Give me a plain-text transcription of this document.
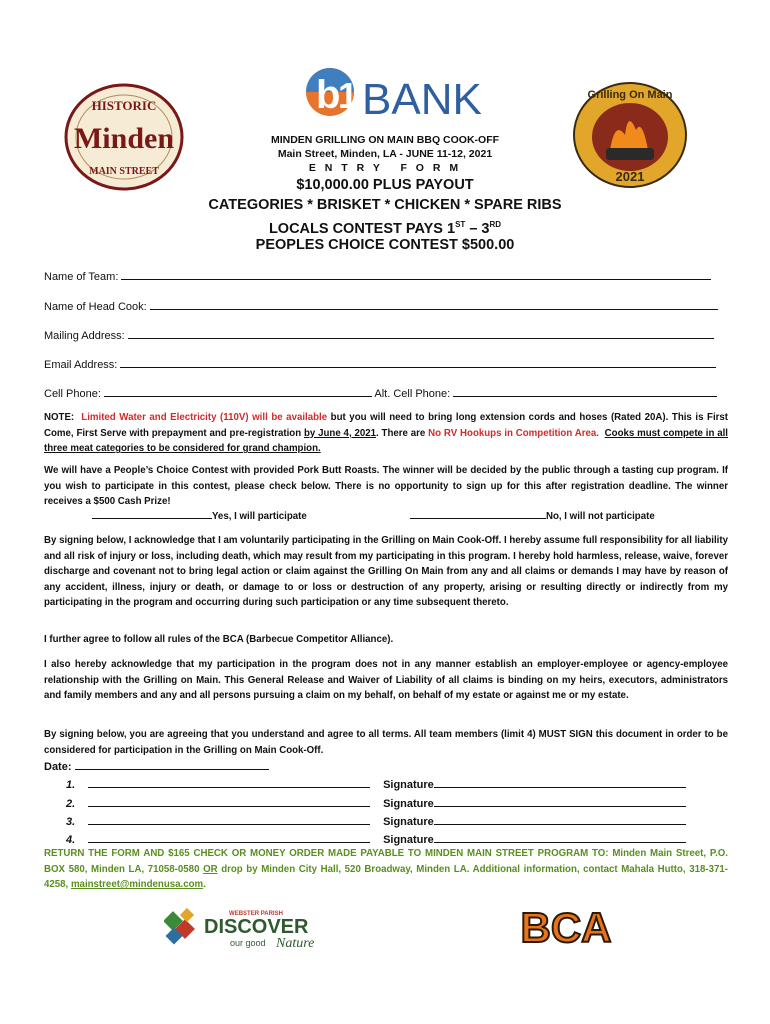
HISTORIC
Minden
MAIN STREET
b
1 BANK	Grilling On Main
2021
MINDEN GRILLING ON MAIN BBQ COOK-OFF
Main Street, Minden, LA - JUNE 11-12, 2021
E N T R Y   F O R M
$10,000.00 PLUS PAYOUT
CATEGORIES * BRISKET * CHICKEN * SPARE RIBS
LOCALS CONTEST PAYS 1ST – 3RD
PEOPLES CHOICE CONTEST $500.00
Name of Team:
Name of Head Cook:
Mailing Address:
Email Address:
Cell Phone:	Alt. Cell Phone:
NOTE:  Limited Water and Electricity (110V) will be available but you will need to bring long extension cords and hoses (Rated 20A). This is First Come, First Serve with prepayment and pre-registration by June 4, 2021. There are No RV Hookups in Competition Area. Cooks must compete in all three meat categories to be considered for grand champion.
We will have a People’s Choice Contest with provided Pork Butt Roasts. The winner will be decided by the public through a tasting cup program. If you wish to participate in this contest, please check below. There is no opportunity to sign up for this after registration deadline. The winner receives a $500 Cash Prize!
Yes, I will participate	No, I will not participate
By signing below, I acknowledge that I am voluntarily participating in the Grilling on Main Cook-Off. I hereby assume full responsibility for all liability and all risk of injury or loss, including death, which may result from my participating in this program. I hereby hold harmless, release, waive, forever discharge and covenant not to bring legal action or claim against the Grilling On Main from any and all claims or demands I may have by reason of any accident, illness, injury or death, or damage to or loss or destruction of any property, arising or resulting directly or indirectly from my participating in the program and occurring during such participation or any time subsequent thereto.
I further agree to follow all rules of the BCA (Barbecue Competitor Alliance).
I also hereby acknowledge that my participation in the program does not in any manner establish an employer-employee or agency-employee relationship with the Grilling on Main. This General Release and Waiver of Liability of all claims is binding on my heirs, executors, administrators and family members and any and all persons pursuing a claim on my behalf, on behalf of my estate or against me or my estate.
By signing below, you are agreeing that you understand and agree to all terms. All team members (limit 4) MUST SIGN this document in order to be considered for participation in the Grilling on Main Cook-Off.
Date:
1.	Signature
2.	Signature
3.	Signature
4.	Signature
RETURN THE FORM AND $165 CHECK OR MONEY ORDER MADE PAYABLE TO MINDEN MAIN STREET PROGRAM TO: Minden Main Street, P.O. BOX 580, Minden LA, 71058-0580 OR drop by Minden City Hall, 520 Broadway, Minden LA. Additional information, contact Mahala Hutto, 318-371-4258, mainstreet@mindenusa.com.
WEBSTER PARISH
DISCOVER
our good Nature	BCA
